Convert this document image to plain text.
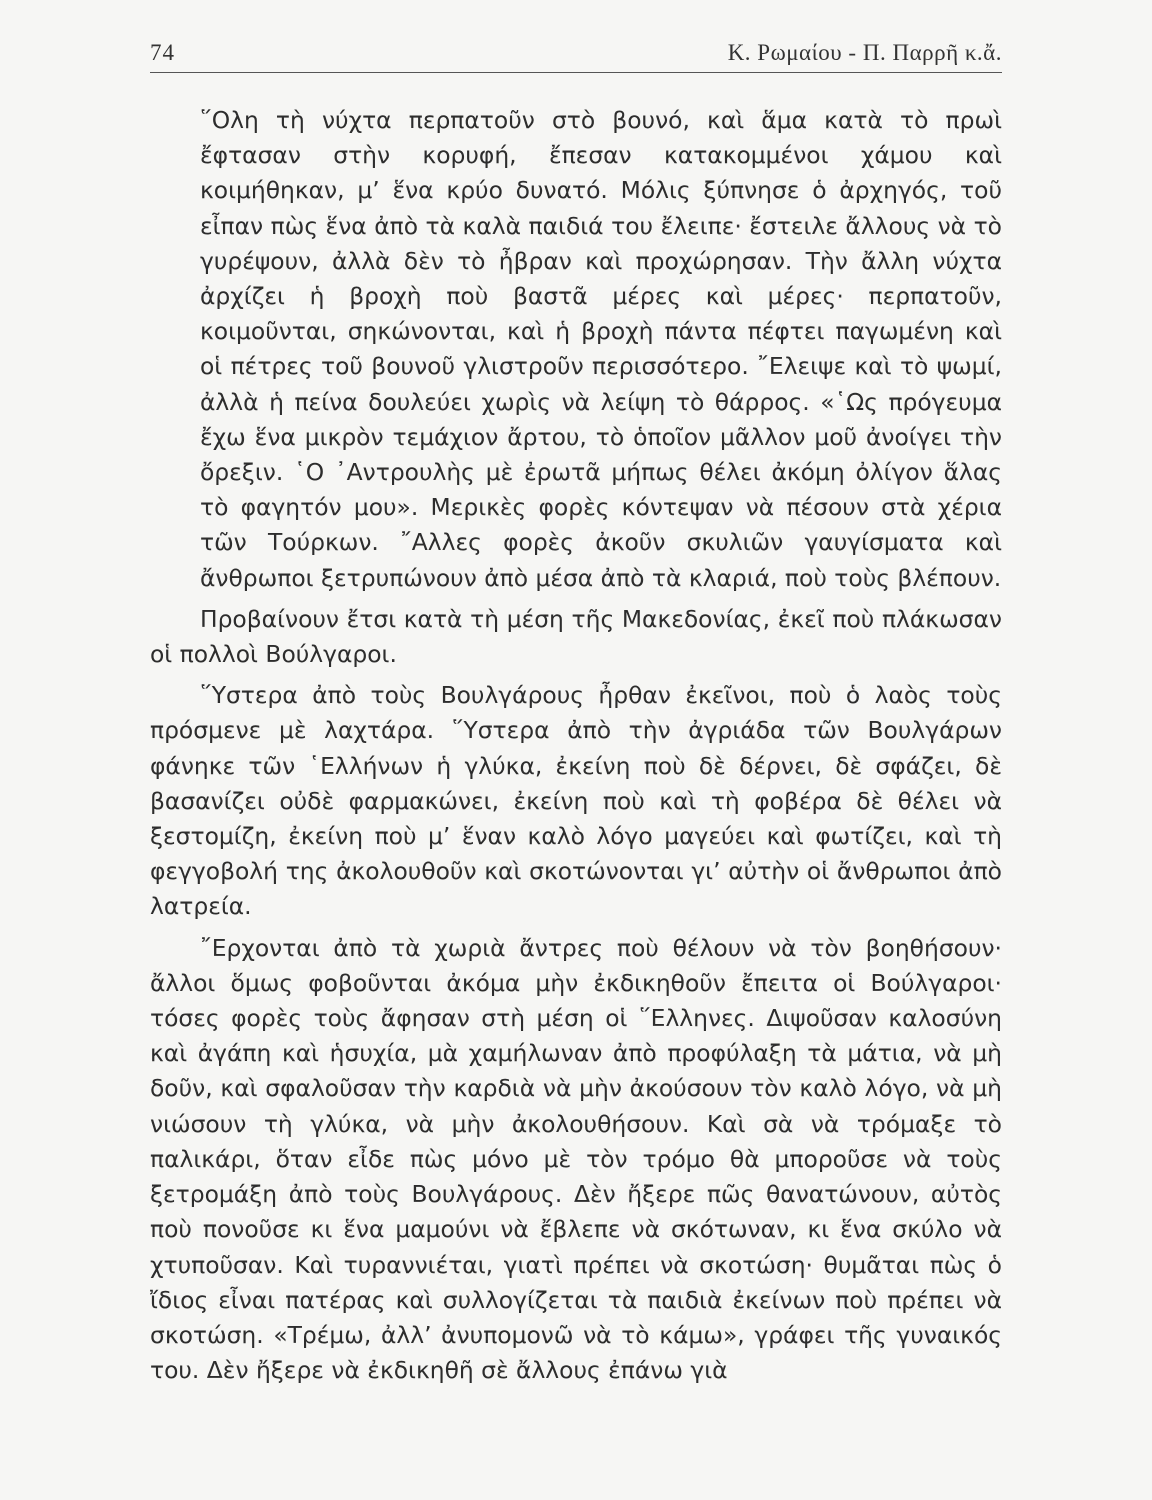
74	Κ. Ρωμαίου - Π. Παρρῆ κ.ἄ.

῞Ολη τὴ νύχτα περπατοῦν στὸ βουνό, καὶ ἅμα κατὰ τὸ πρωὶ ἔφτασαν στὴν κορυφή, ἔπεσαν κατακομμένοι χάμου καὶ κοιμήθηκαν, μ’ ἕνα κρύο δυνατό. Μόλις ξύπνησε ὁ ἀρχηγός, τοῦ εἶπαν πὼς ἕνα ἀπὸ τὰ καλὰ παιδιά του ἔλειπε· ἔστειλε ἄλλους νὰ τὸ γυρέψουν, ἀλλὰ δὲν τὸ ἦβραν καὶ προχώρησαν. Τὴν ἄλλη νύχτα ἀρχίζει ἡ βροχὴ ποὺ βαστᾶ μέρες καὶ μέρες· περπατοῦν, κοιμοῦνται, σηκώνονται, καὶ ἡ βροχὴ πάντα πέφτει παγωμένη καὶ οἱ πέτρες τοῦ βουνοῦ γλιστροῦν περισσότερο. ῎Ελειψε καὶ τὸ ψωμί, ἀλλὰ ἡ πείνα δουλεύει χωρὶς νὰ λείψη τὸ θάρρος. «῾Ως πρόγευμα ἔχω ἕνα μικρὸν τεμάχιον ἄρτου, τὸ ὁποῖον μᾶλλον μοῦ ἀνοίγει τὴν ὄρεξιν. ῾Ο ᾿Αντρουλὴς μὲ ἐρωτᾶ μήπως θέλει ἀκόμη ὀλίγον ἅλας τὸ φαγητόν μου». Μερικὲς φορὲς κόντεψαν νὰ πέσουν στὰ χέρια τῶν Τούρκων. ῎Αλλες φορὲς ἀκοῦν σκυλιῶν γαυγίσματα καὶ ἄνθρωποι ξετρυπώνουν ἀπὸ μέσα ἀπὸ τὰ κλαριά, ποὺ τοὺς βλέπουν.

Προβαίνουν ἔτσι κατὰ τὴ μέση τῆς Μακεδονίας, ἐκεῖ ποὺ πλάκωσαν οἱ πολλοὶ Βούλγαροι.

῞Υστερα ἀπὸ τοὺς Βουλγάρους ἦρθαν ἐκεῖνοι, ποὺ ὁ λαὸς τοὺς πρόσμενε μὲ λαχτάρα. ῞Υστερα ἀπὸ τὴν ἀγριάδα τῶν Βουλγάρων φάνηκε τῶν ῾Ελλήνων ἡ γλύκα, ἐκείνη ποὺ δὲ δέρνει, δὲ σφάζει, δὲ βασανίζει οὐδὲ φαρμακώνει, ἐκείνη ποὺ καὶ τὴ φοβέρα δὲ θέλει νὰ ξεστομίζη, ἐκείνη ποὺ μ’ ἕναν καλὸ λόγο μαγεύει καὶ φωτίζει, καὶ τὴ φεγγοβολή της ἀκολουθοῦν καὶ σκοτώνονται γι’ αὐτὴν οἱ ἄνθρωποι ἀπὸ λατρεία.

῎Ερχονται ἀπὸ τὰ χωριὰ ἄντρες ποὺ θέλουν νὰ τὸν βοηθήσουν· ἄλλοι ὅμως φοβοῦνται ἀκόμα μὴν ἐκδικηθοῦν ἔπειτα οἱ Βούλγαροι· τόσες φορὲς τοὺς ἄφησαν στὴ μέση οἱ ῞Ελληνες. Διψοῦσαν καλοσύνη καὶ ἀγάπη καὶ ἡσυχία, μὰ χαμήλωναν ἀπὸ προφύλαξη τὰ μάτια, νὰ μὴ δοῦν, καὶ σφαλοῦσαν τὴν καρδιὰ νὰ μὴν ἀκούσουν τὸν καλὸ λόγο, νὰ μὴ νιώσουν τὴ γλύκα, νὰ μὴν ἀκολουθήσουν. Καὶ σὰ νὰ τρόμαξε τὸ παλικάρι, ὅταν εἶδε πὼς μόνο μὲ τὸν τρόμο θὰ μποροῦσε νὰ τοὺς ξετρομάξη ἀπὸ τοὺς Βουλγάρους. Δὲν ἤξερε πῶς θανατώνουν, αὐτὸς ποὺ πονοῦσε κι ἕνα μαμούνι νὰ ἔβλεπε νὰ σκότωναν, κι ἕνα σκύλο νὰ χτυποῦσαν. Καὶ τυραννιέται, γιατὶ πρέπει νὰ σκοτώση· θυμᾶται πὼς ὁ ἴδιος εἶναι πατέρας καὶ συλλογίζεται τὰ παιδιὰ ἐκείνων ποὺ πρέπει νὰ σκοτώση. «Τρέμω, ἀλλ’ ἀνυπομονῶ νὰ τὸ κάμω», γράφει τῆς γυναικός του. Δὲν ἤξερε νὰ ἐκδικηθῆ σὲ ἄλλους ἐπάνω γιὰ
